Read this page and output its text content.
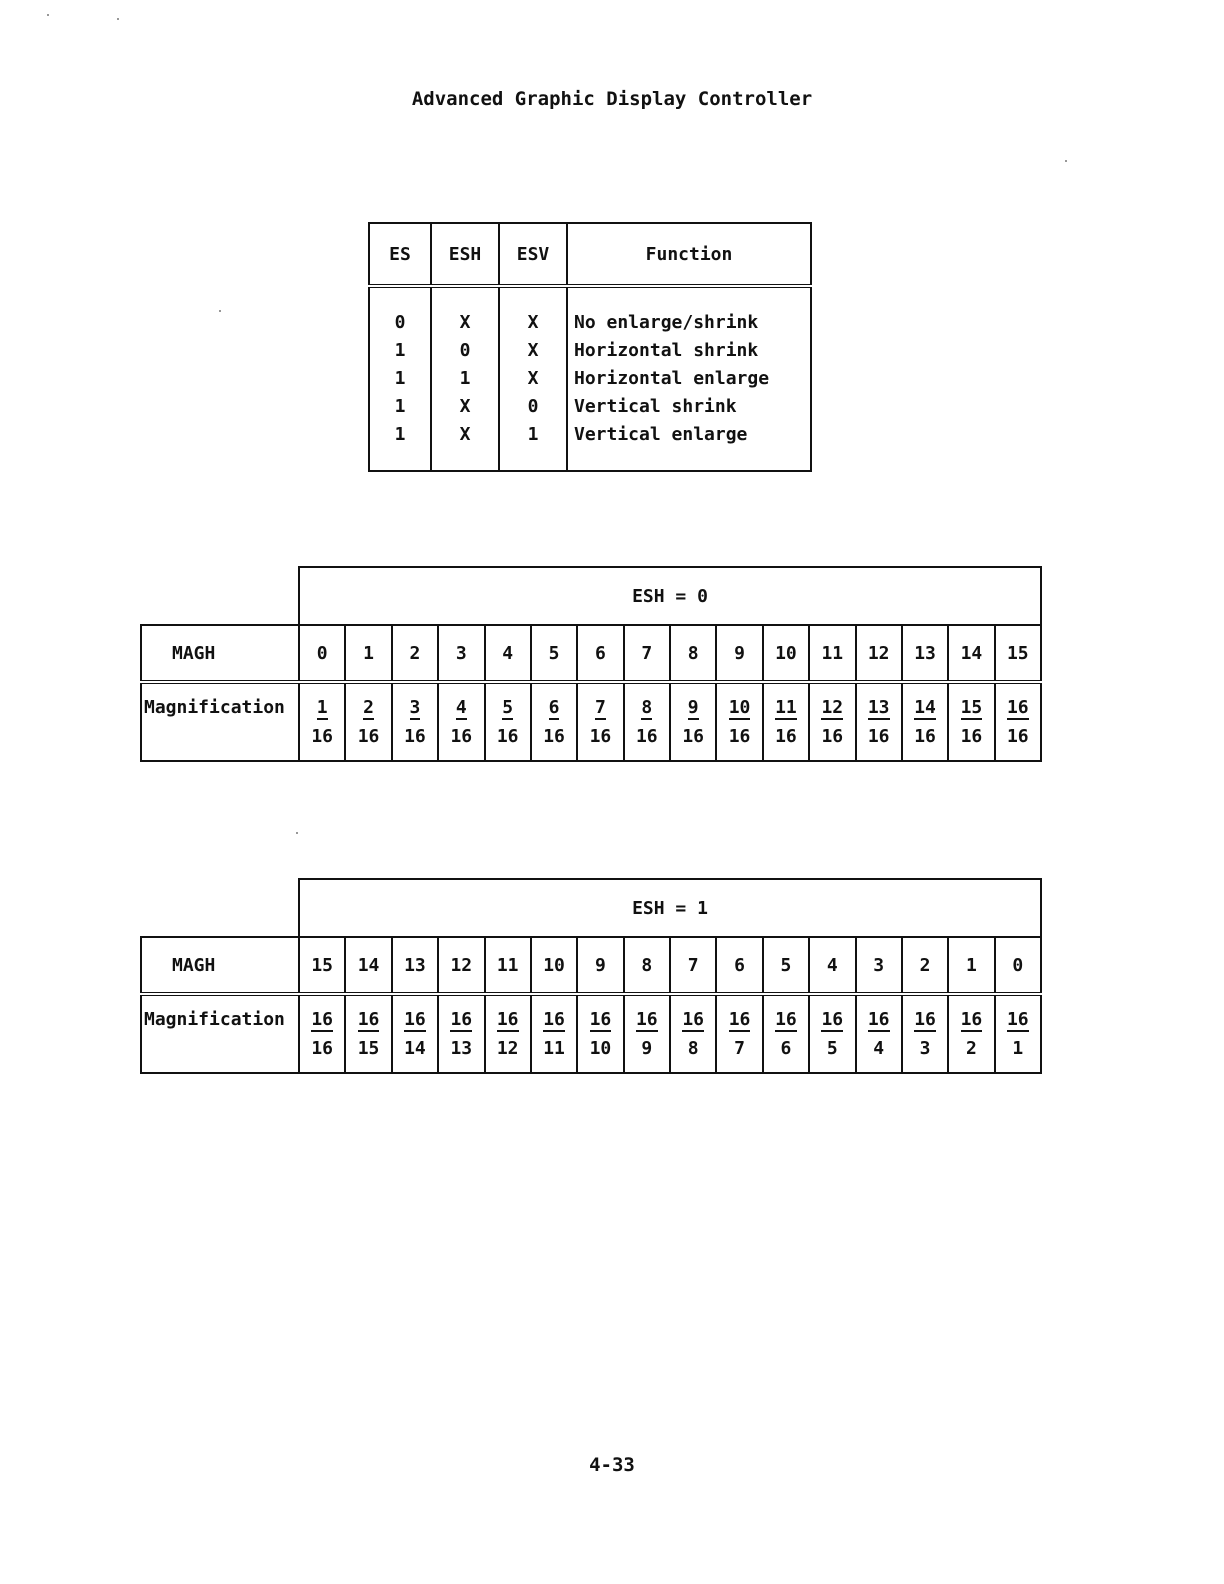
Advanced Graphic Display Controller
ES	ESH	ESV	Function
0	X	X	No enlarge/shrink
1	0	X	Horizontal shrink
1	1	X	Horizontal enlarge
1	X	0	Vertical shrink
1	X	1	Vertical enlarge
	ESH = 0															
MAGH	0	1	2	3	4	5	6	7	8	9	10	11	12	13	14	15
Magnification	1	2	3	4	5	6	7	8	9	10	11	12	13	14	15	16
	16	16	16	16	16	16	16	16	16	16	16	16	16	16	16	16
	ESH = 1															
MAGH	15	14	13	12	11	10	9	8	7	6	5	4	3	2	1	0
Magnification	16	16	16	16	16	16	16	16	16	16	16	16	16	16	16	16
	16	15	14	13	12	11	10	9	8	7	6	5	4	3	2	1
4-33
